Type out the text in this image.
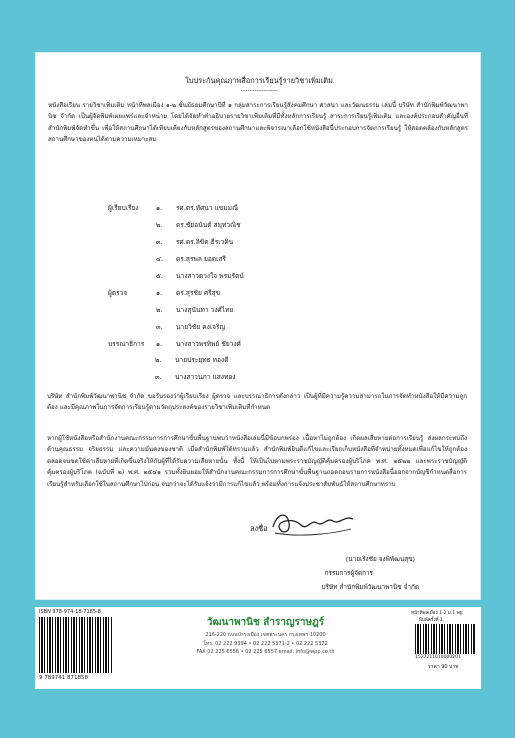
ใบประกันคุณภาพสื่อการเรียนรู้รายวิชาเพิ่มเติม
----------------
หนังสือเรียน รายวิชาเพิ่มเติม หน้าที่พลเมือง ๑-๒ ชั้นมัธยมศึกษาปีที่ ๑ กลุ่มสาระการเรียนรู้สังคมศึกษา ศาสนา และวัฒนธรรม เล่มนี้ บริษัท สำนักพิมพ์วัฒนาพานิช จำกัด เป็นผู้จัดพิมพ์เผยแพร่และจำหน่าย โดยได้จัดทำคำอธิบายรายวิชาเพิ่มเติมที่มีทั้งหลักการเรียนรู้ สาระการเรียนรู้เพิ่มเติม และองค์ประกอบสำคัญอื่นที่สำนักพิมพ์จัดทำขึ้น เพื่อให้สถานศึกษาได้เทียบเคียงกับหลักสูตรของสถานศึกษาและพิจารณาเลือกใช้หนังสือนี้ประกอบการจัดการเรียนรู้ ให้สอดคล้องกับหลักสูตรสถานศึกษาของตนได้ตามความเหมาะสม
ผู้เรียบเรียง	๑. รศ.ดร.ทัศนา แขมมณี
๒. ดร.ชัยอนันต์ สมุทวณิช
๓. รศ.ดร.ลิขิต ธีรเวคิน
๔. ดร.สุรพล ยอดเสรี
๕. นางสาวดวงใจ พรมรัตน์
ผู้ตรวจ	๑. ดร.สุรชัย ศรีสุข
๒. นางสุนันทา วงศ์ไทย
๓. นายวิชัย คงเจริญ
บรรณาธิการ	๑. นางสาวพรทิพย์ ชัยวงศ์
๒. นายประยุทธ ทองดี
๓. นางสาวนภา แสงทอง
บริษัท สำนักพิมพ์วัฒนาพานิช จำกัด ขอรับรองว่าผู้เรียบเรียง ผู้ตรวจ และบรรณาธิการดังกล่าว เป็นผู้ที่มีความรู้ความสามารถในการจัดทำหนังสือให้มีความถูกต้อง และมีคุณภาพในการจัดการเรียนรู้ตามวัตถุประสงค์ของรายวิชาเพิ่มเติมที่กำหนด
หากผู้ใช้หนังสือหรือสำนักงานคณะกรรมการการศึกษาขั้นพื้นฐานพบว่าหนังสือเล่มนี้มีข้อบกพร่อง เนื้อหาไม่ถูกต้อง เกิดผลเสียหายต่อการเรียนรู้ ส่งผลกระทบถึงด้านคุณธรรม จริยธรรม และความมั่นคงของชาติ เมื่อสำนักพิมพ์ได้ทราบแล้ว สำนักพิมพ์ยินดีแก้ไขและเรียกเก็บหนังสือที่จำหน่ายทั้งหมดเพื่อแก้ไขให้ถูกต้อง ตลอดจนชดใช้ค่าเสียหายที่เกิดขึ้นจริงให้กับผู้ที่ได้รับความเสียหายนั้น ทั้งนี้ ให้เป็นไปตามพระราชบัญญัติคุ้มครองผู้บริโภค พ.ศ. ๒๕๒๒ และพระราชบัญญัติคุ้มครองผู้บริโภค (ฉบับที่ ๒) พ.ศ. ๒๕๔๑ รวมทั้งยินยอมให้สำนักงานคณะกรรมการการศึกษาขั้นพื้นฐานถอดถอนรายการหนังสือนี้ออกจากบัญชีกำหนดสื่อการเรียนรู้สำหรับเลือกใช้ในสถานศึกษาไปก่อน จนกว่าจะได้รับแจ้งว่ามีการแก้ไขแล้ว พร้อมทั้งการแจ้งประชาสัมพันธ์ให้สถานศึกษาทราบ
ลงชื่อ
(นายเริงชัย จงพิพัฒนสุข)
กรรมการผู้จัดการ
บริษัท สำนักพิมพ์วัฒนาพานิช จำกัด
ISBN 978-974-18-7185-8
9 789741 871858
วัฒนาพานิช สำราญราษฎร์
216-220 ถนนบำรุงเมือง เขตพระนคร กรุงเทพฯ 10200
โทร. 02 222 9394 • 02 222 5371-2 • 02 222 5372
FAX 02 225 6556 • 02 225 6557 email: info@wpp.co.th
หน้าที่พลเมือง 1-2 ม.1 พฐ.
พิมพ์ครั้งที่ 1
1527211010000201
ราคา 90 บาท
